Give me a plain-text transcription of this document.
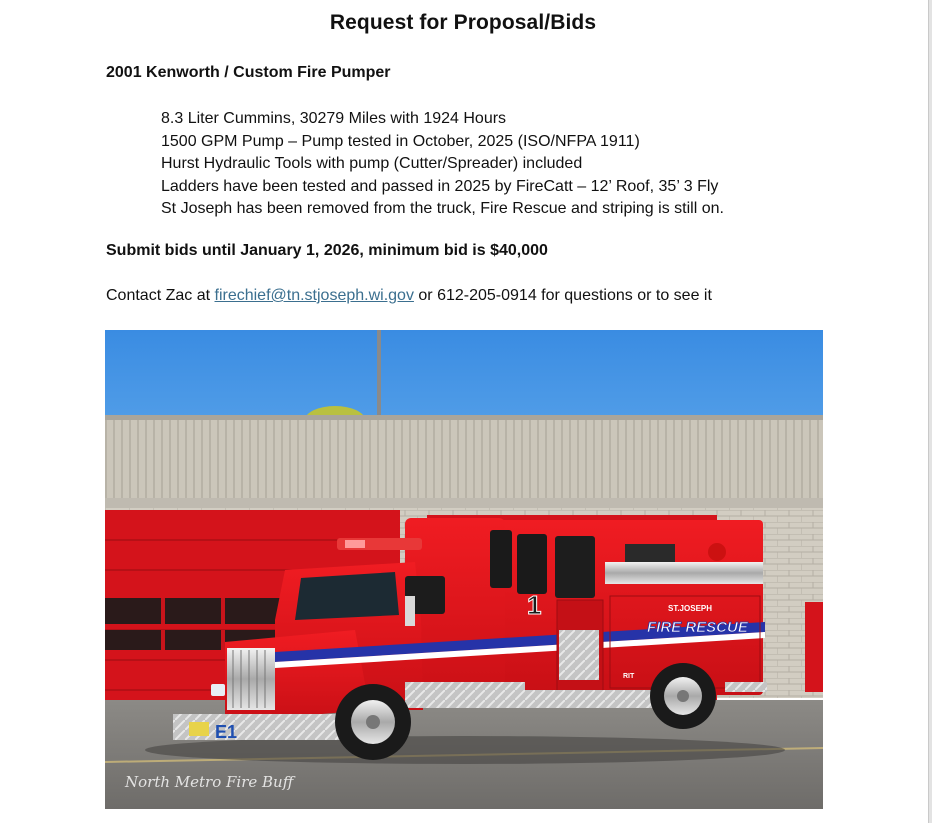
Request for Proposal/Bids
2001 Kenworth / Custom Fire Pumper
8.3 Liter Cummins, 30279 Miles with 1924 Hours
1500 GPM Pump – Pump tested in October, 2025 (ISO/NFPA 1911)
Hurst Hydraulic Tools with pump (Cutter/Spreader) included
Ladders have been tested and passed in 2025 by FireCatt – 12’ Roof, 35’ 3 Fly
St Joseph has been removed from the truck, Fire Rescue and striping is still on.
Submit bids until January 1, 2026, minimum bid is $40,000
Contact Zac at firechief@tn.stjoseph.wi.gov or 612-205-0914 for questions or to see it
E1
1	ST.JOSEPH
FIRE RESCUE
RIT
North Metro Fire Buff
